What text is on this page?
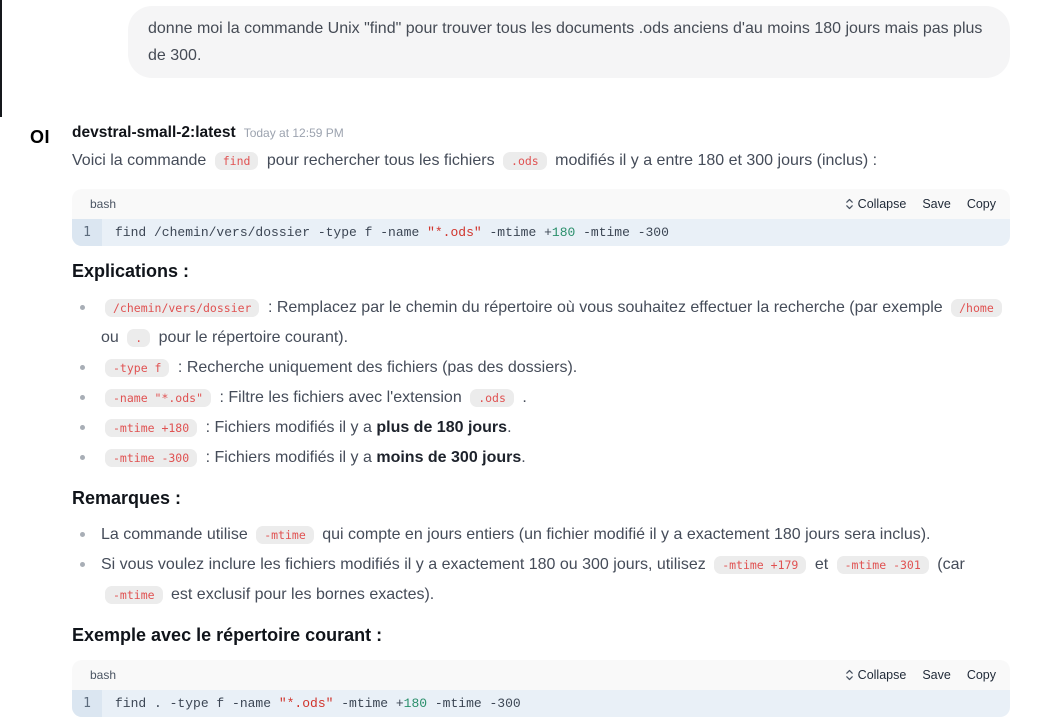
donne moi la commande Unix "find" pour trouver tous les documents .ods anciens d'au moins 180 jours mais pas plus de 300.
OI	devstral-small-2:latest Today at 12:59 PM

Voici la commande find pour rechercher tous les fichiers .ods modifiés il y a entre 180 et 300 jours (inclus) :

bash	Collapse Save Copy
1	find /chemin/vers/dossier -type f -name "*.ods" -mtime +180 -mtime -300
Explications :
/chemin/vers/dossier : Remplacez par le chemin du répertoire où vous souhaitez effectuer la recherche (par exemple /home ou . pour le répertoire courant).
-type f : Recherche uniquement des fichiers (pas des dossiers).
-name "*.ods" : Filtre les fichiers avec l'extension .ods .
-mtime +180 : Fichiers modifiés il y a plus de 180 jours.
-mtime -300 : Fichiers modifiés il y a moins de 300 jours.
Remarques :
La commande utilise -mtime qui compte en jours entiers (un fichier modifié il y a exactement 180 jours sera inclus).
Si vous voulez inclure les fichiers modifiés il y a exactement 180 ou 300 jours, utilisez -mtime +179 et -mtime -301 (car -mtime est exclusif pour les bornes exactes).
Exemple avec le répertoire courant :
bash	Collapse Save Copy
1	find . -type f -name "*.ods" -mtime +180 -mtime -300
